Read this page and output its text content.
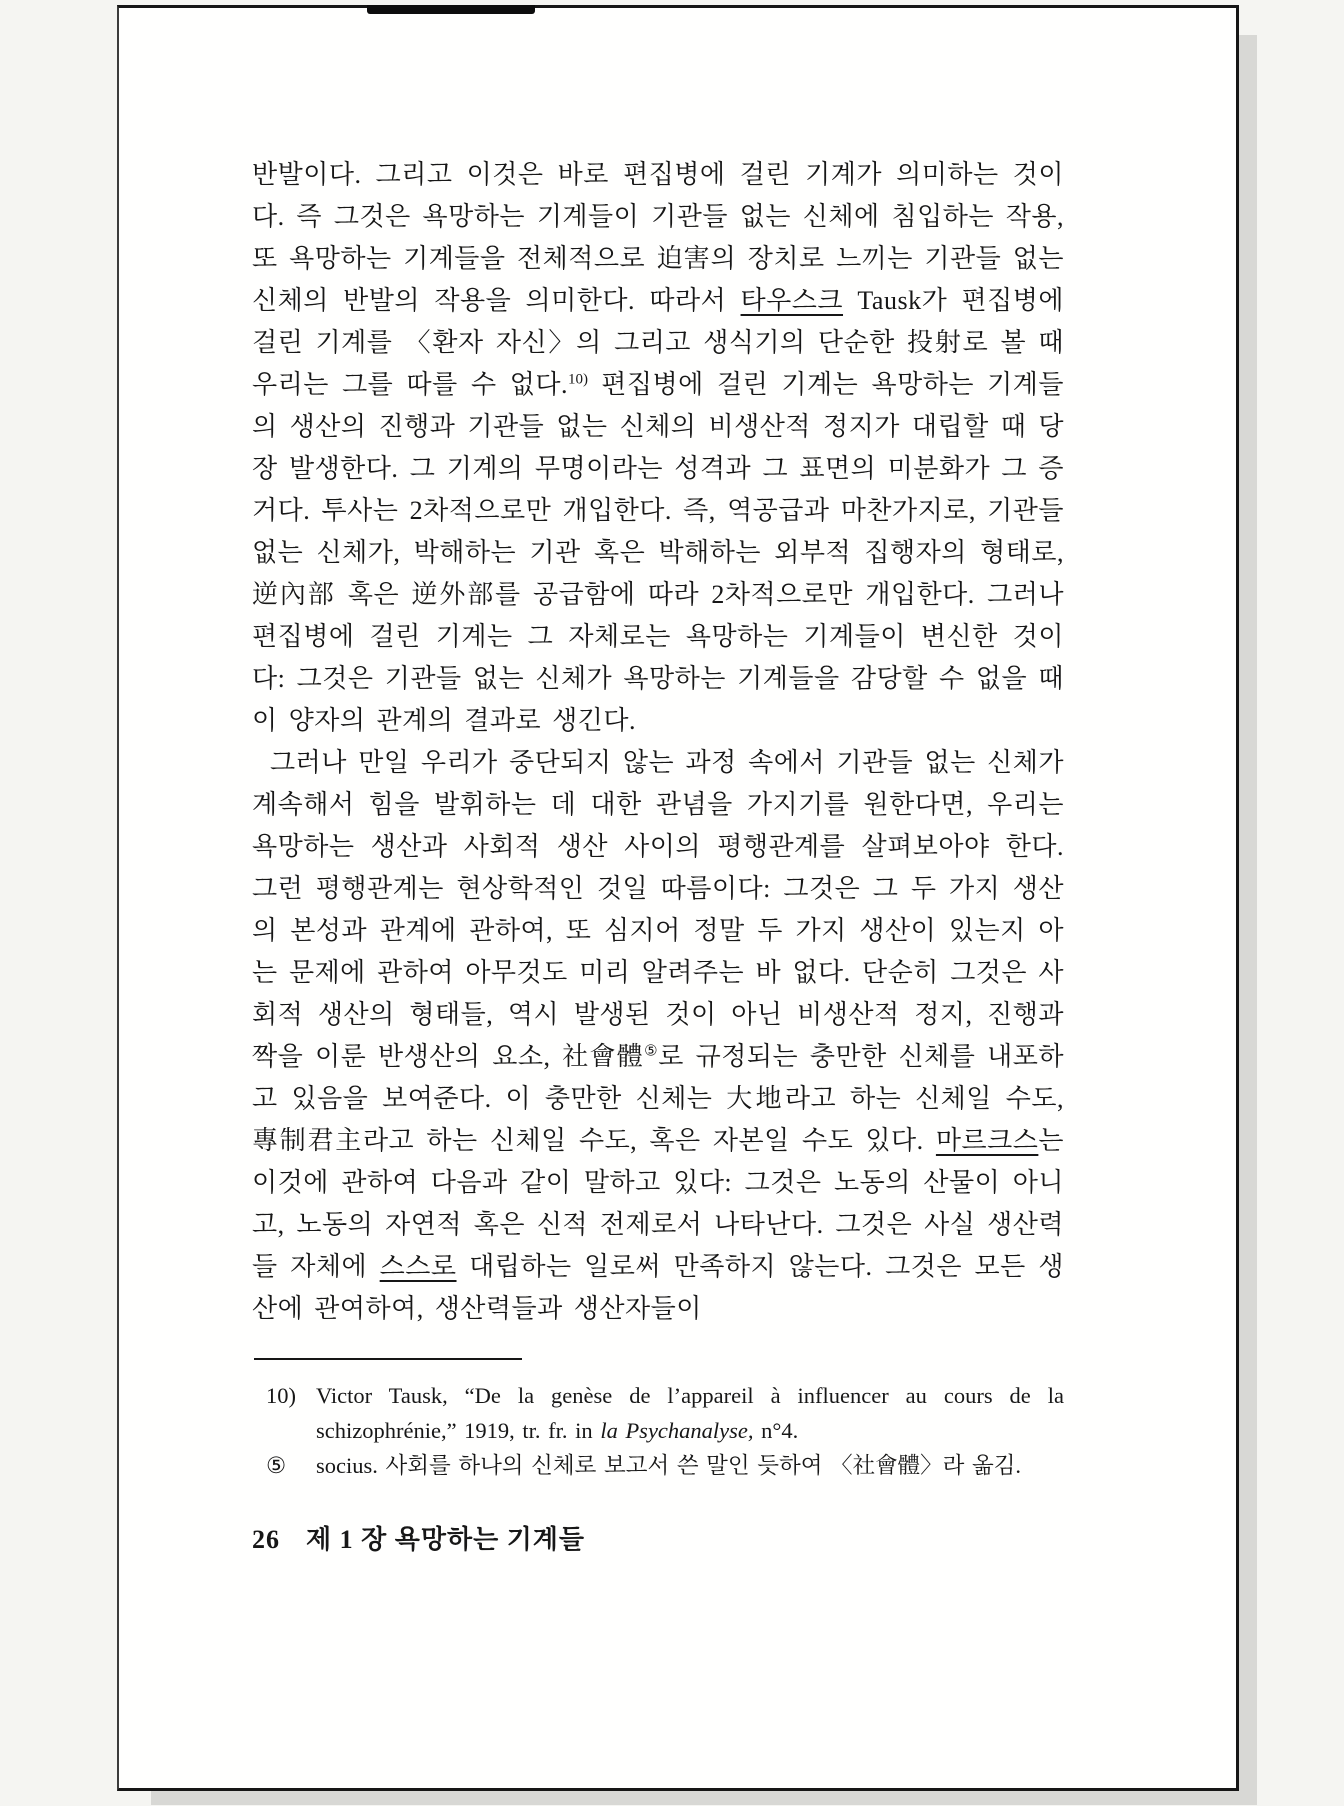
반발이다. 그리고 이것은 바로 편집병에 걸린 기계가 의미하는 것이다. 즉 그것은 욕망하는 기계들이 기관들 없는 신체에 침입하는 작용, 또 욕망하는 기계들을 전체적으로 迫害의 장치로 느끼는 기관들 없는 신체의 반발의 작용을 의미한다. 따라서 타우스크 Tausk가 편집병에 걸린 기계를 〈환자 자신〉의 그리고 생식기의 단순한 投射로 볼 때 우리는 그를 따를 수 없다.$^{10)}$ 편집병에 걸린 기계는 욕망하는 기계들의 생산의 진행과 기관들 없는 신체의 비생산적 정지가 대립할 때 당장 발생한다. 그 기계의 무명이라는 성격과 그 표면의 미분화가 그 증거다. 투사는 2차적으로만 개입한다. 즉, 역공급과 마찬가지로, 기관들 없는 신체가, 박해하는 기관 혹은 박해하는 외부적 집행자의 형태로, 逆內部 혹은 逆外部를 공급함에 따라 2차적으로만 개입한다. 그러나 편집병에 걸린 기계는 그 자체로는 욕망하는 기계들이 변신한 것이다: 그것은 기관들 없는 신체가 욕망하는 기계들을 감당할 수 없을 때 이 양자의 관계의 결과로 생긴다.

그러나 만일 우리가 중단되지 않는 과정 속에서 기관들 없는 신체가 계속해서 힘을 발휘하는 데 대한 관념을 가지기를 원한다면, 우리는 욕망하는 생산과 사회적 생산 사이의 평행관계를 살펴보아야 한다. 그런 평행관계는 현상학적인 것일 따름이다: 그것은 그 두 가지 생산의 본성과 관계에 관하여, 또 심지어 정말 두 가지 생산이 있는지 아는 문제에 관하여 아무것도 미리 알려주는 바 없다. 단순히 그것은 사회적 생산의 형태들, 역시 발생된 것이 아닌 비생산적 정지, 진행과 짝을 이룬 반생산의 요소, 社會體⑤로 규정되는 충만한 신체를 내포하고 있음을 보여준다. 이 충만한 신체는 大地라고 하는 신체일 수도, 專制君主라고 하는 신체일 수도, 혹은 자본일 수도 있다. 마르크스는 이것에 관하여 다음과 같이 말하고 있다: 그것은 노동의 산물이 아니고, 노동의 자연적 혹은 신적 전제로서 나타난다. 그것은 사실 생산력들 자체에 스스로 대립하는 일로써 만족하지 않는다. 그것은 모든 생산에 관여하여, 생산력들과 생산자들이

10) Victor Tausk, “De la genèse de l’appareil à influencer au cours de la schizophrénie,” 1919, tr. fr. in la Psychanalyse, n°4.

⑤ socius. 사회를 하나의 신체로 보고서 쓴 말인 듯하여 〈社會體〉라 옮김.

26 제 1 장 욕망하는 기계들
